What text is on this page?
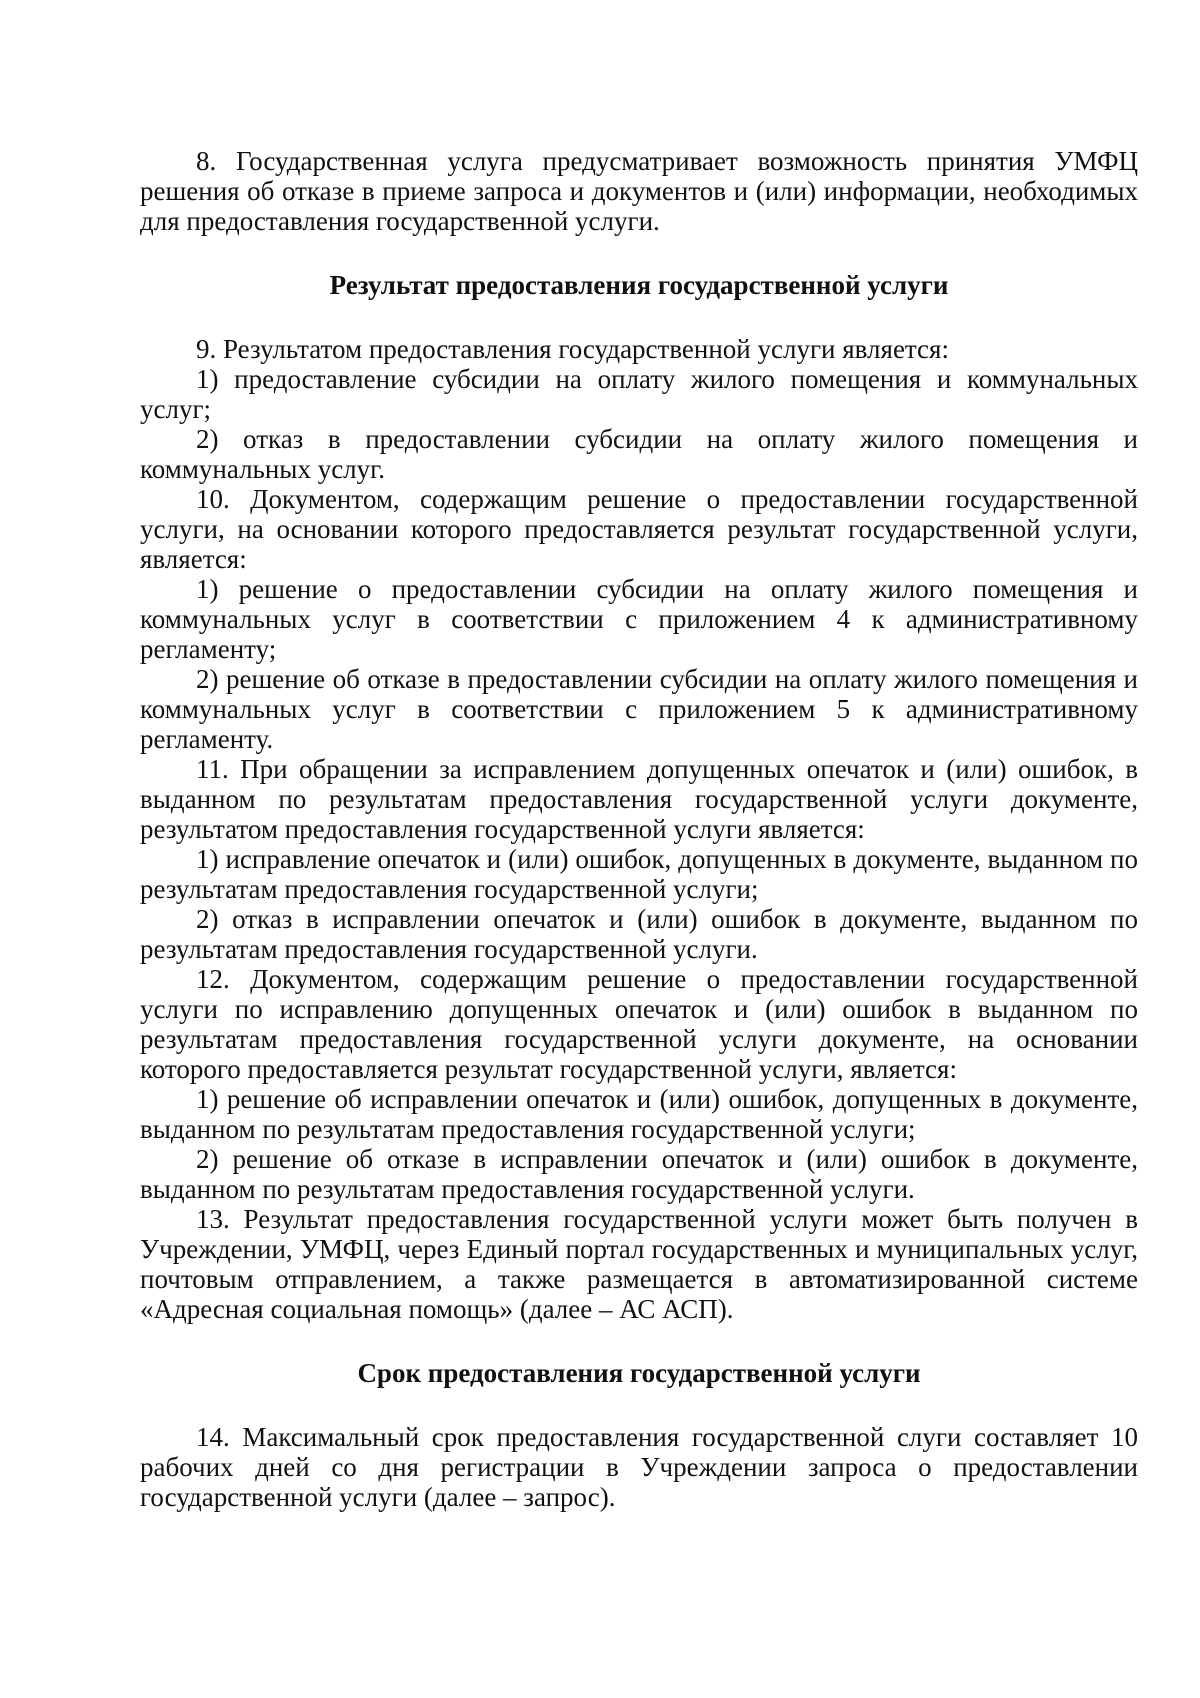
8. Государственная услуга предусматривает возможность принятия УМФЦ решения об отказе в приеме запроса и документов и (или) информации, необходимых для предоставления государственной услуги.

Результат предоставления государственной услуги

9. Результатом предоставления государственной услуги является:

1) предоставление субсидии на оплату жилого помещения и коммунальных услуг;

2) отказ в предоставлении субсидии на оплату жилого помещения и коммунальных услуг.

10. Документом, содержащим решение о предоставлении государственной услуги, на основании которого предоставляется результат государственной услуги, является:

1) решение о предоставлении субсидии на оплату жилого помещения и коммунальных услуг в соответствии с приложением 4 к административному регламенту;

2) решение об отказе в предоставлении субсидии на оплату жилого помещения и коммунальных услуг в соответствии с приложением 5 к административному регламенту.

11. При обращении за исправлением допущенных опечаток и (или) ошибок, в выданном по результатам предоставления государственной услуги документе, результатом предоставления государственной услуги является:

1) исправление опечаток и (или) ошибок, допущенных в документе, выданном по результатам предоставления государственной услуги;

2) отказ в исправлении опечаток и (или) ошибок в документе, выданном по результатам предоставления государственной услуги.

12. Документом, содержащим решение о предоставлении государственной услуги по исправлению допущенных опечаток и (или) ошибок в выданном по результатам предоставления государственной услуги документе, на основании которого предоставляется результат государственной услуги, является:

1) решение об исправлении опечаток и (или) ошибок, допущенных в документе, выданном по результатам предоставления государственной услуги;

2) решение об отказе в исправлении опечаток и (или) ошибок в документе, выданном по результатам предоставления государственной услуги.

13. Результат предоставления государственной услуги может быть получен в Учреждении, УМФЦ, через Единый портал государственных и муниципальных услуг, почтовым отправлением, а также размещается в автоматизированной системе «Адресная социальная помощь» (далее – АС АСП).

Срок предоставления государственной услуги

14. Максимальный срок предоставления государственной слуги составляет 10 рабочих дней со дня регистрации в Учреждении запроса о предоставлении государственной услуги (далее – запрос).
